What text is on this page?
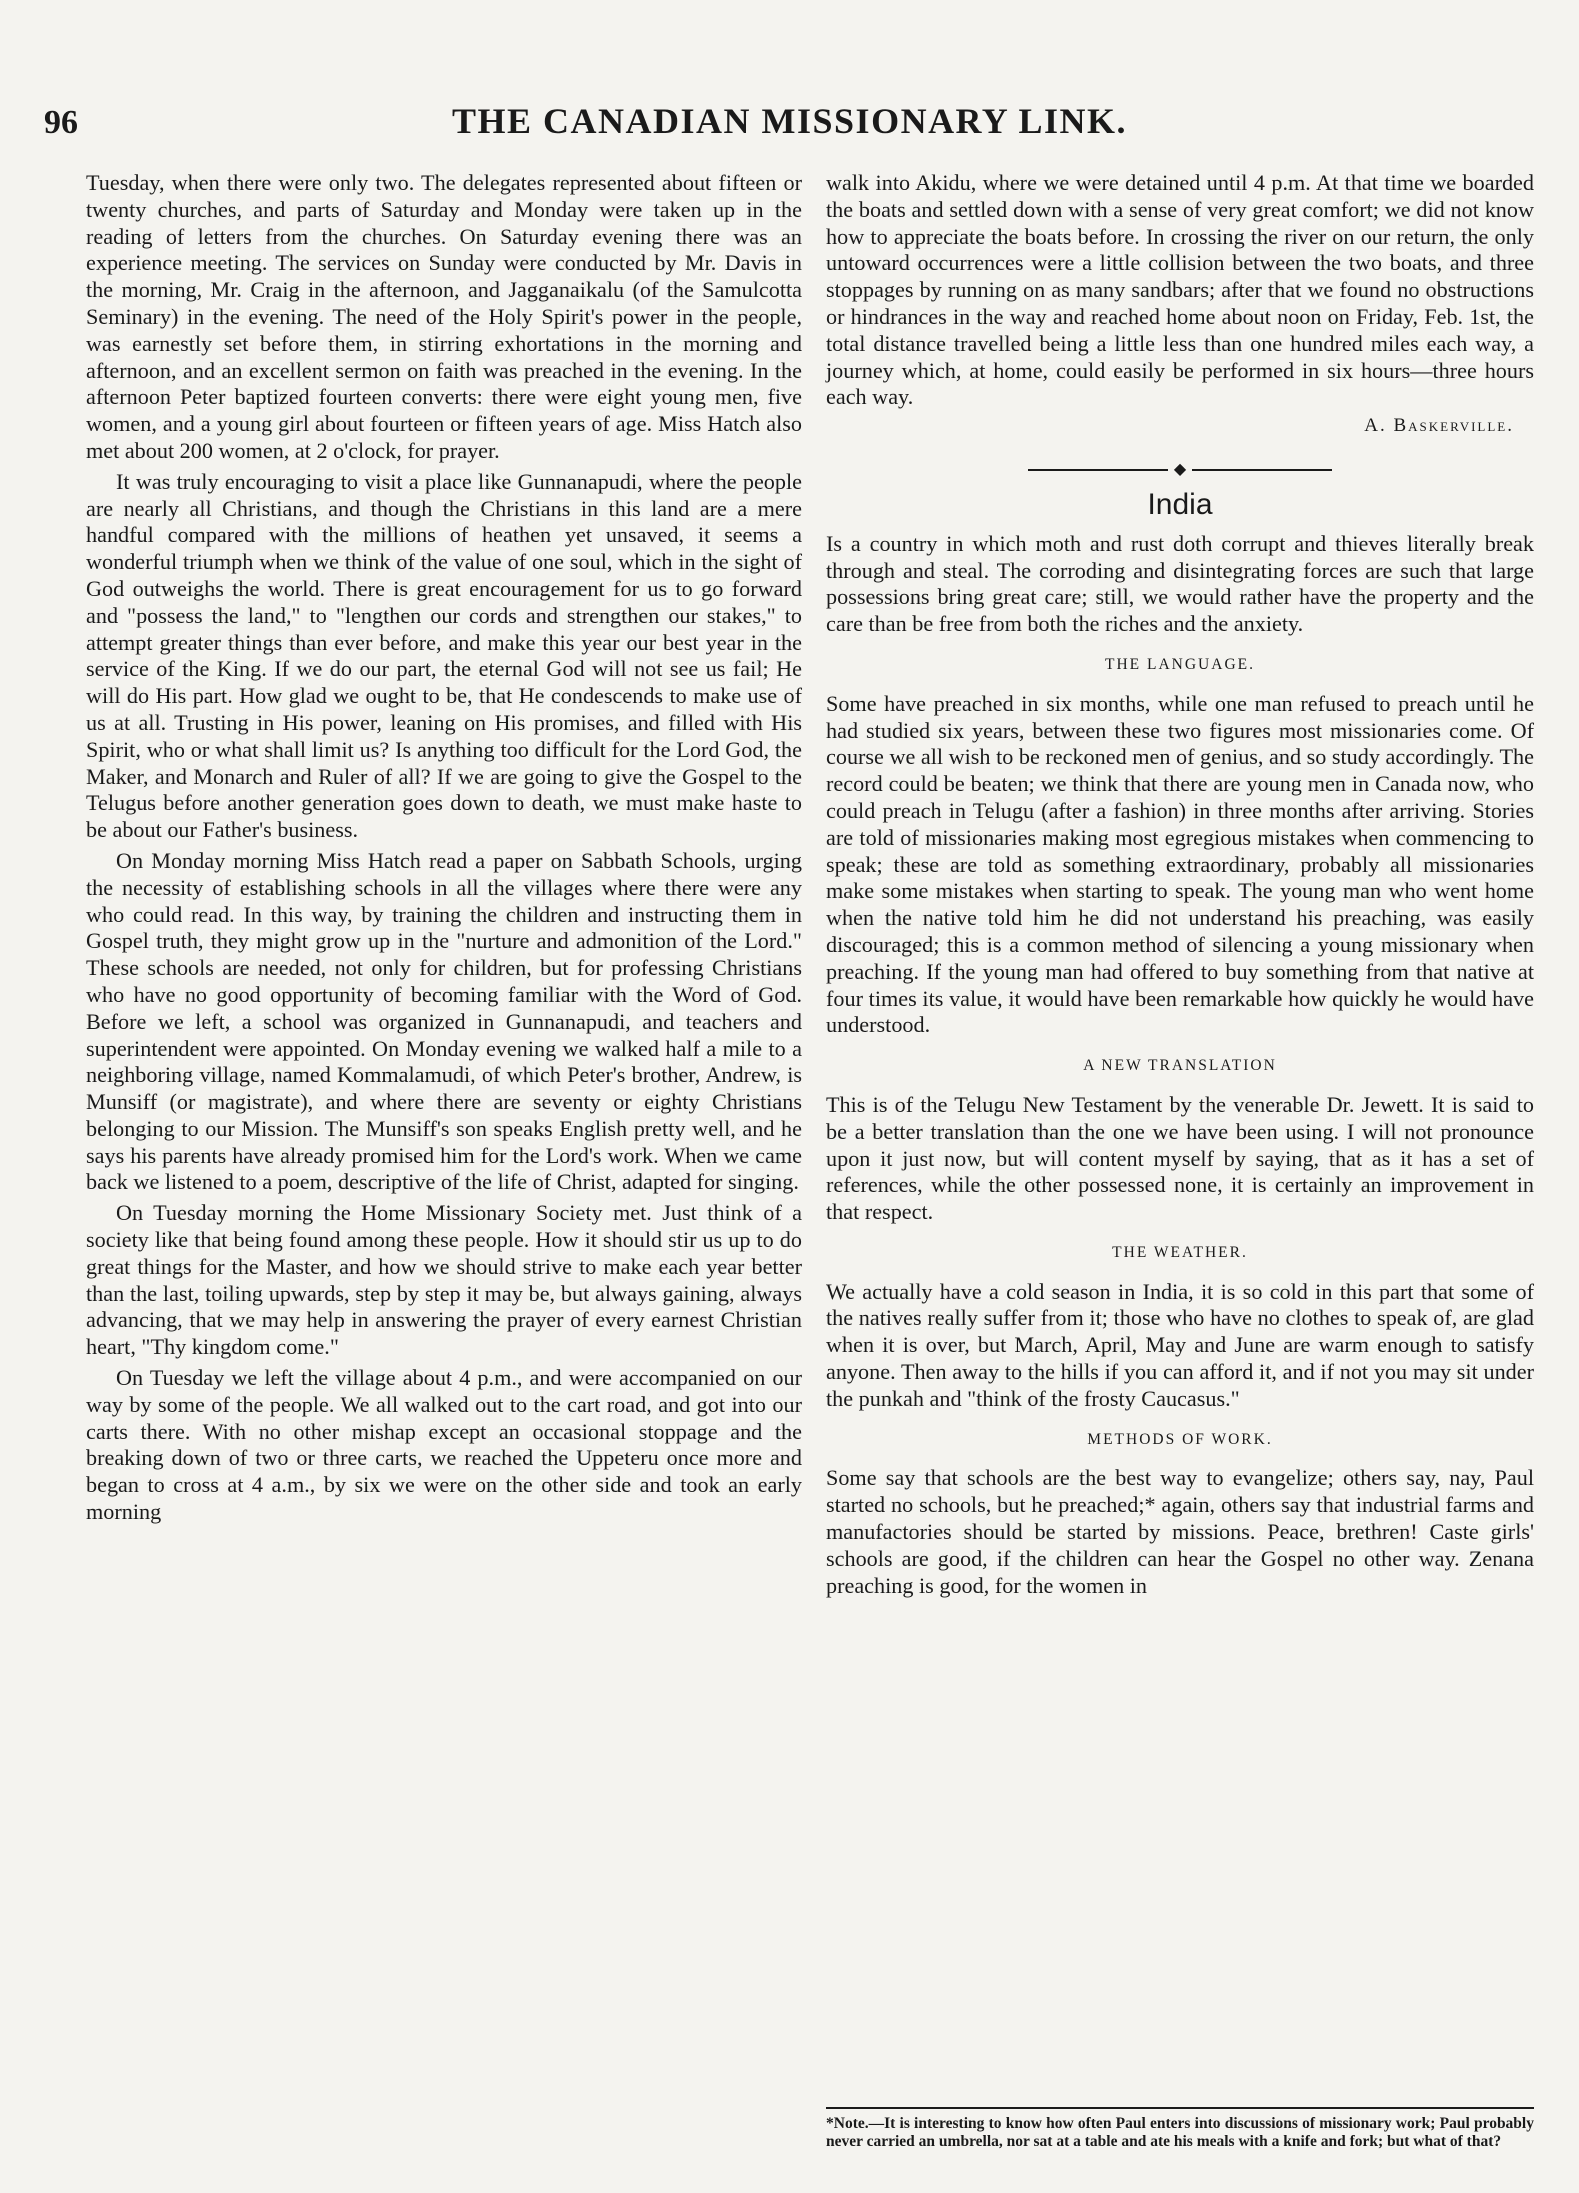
96	THE CANADIAN MISSIONARY LINK.

Tuesday, when there were only two. The delegates represented about fifteen or twenty churches, and parts of Saturday and Monday were taken up in the reading of letters from the churches. On Saturday evening there was an experience meeting. The services on Sunday were conducted by Mr. Davis in the morning, Mr. Craig in the afternoon, and Jagganaikalu (of the Samulcotta Seminary) in the evening. The need of the Holy Spirit's power in the people, was earnestly set before them, in stirring exhortations in the morning and afternoon, and an excellent sermon on faith was preached in the evening. In the afternoon Peter baptized fourteen converts: there were eight young men, five women, and a young girl about fourteen or fifteen years of age. Miss Hatch also met about 200 women, at 2 o'clock, for prayer.

It was truly encouraging to visit a place like Gunnanapudi, where the people are nearly all Christians, and though the Christians in this land are a mere handful compared with the millions of heathen yet unsaved, it seems a wonderful triumph when we think of the value of one soul, which in the sight of God outweighs the world. There is great encouragement for us to go forward and "possess the land," to "lengthen our cords and strengthen our stakes," to attempt greater things than ever before, and make this year our best year in the service of the King. If we do our part, the eternal God will not see us fail; He will do His part. How glad we ought to be, that He condescends to make use of us at all. Trusting in His power, leaning on His promises, and filled with His Spirit, who or what shall limit us? Is anything too difficult for the Lord God, the Maker, and Monarch and Ruler of all? If we are going to give the Gospel to the Telugus before another generation goes down to death, we must make haste to be about our Father's business.

On Monday morning Miss Hatch read a paper on Sabbath Schools, urging the necessity of establishing schools in all the villages where there were any who could read. In this way, by training the children and instructing them in Gospel truth, they might grow up in the "nurture and admonition of the Lord." These schools are needed, not only for children, but for professing Christians who have no good opportunity of becoming familiar with the Word of God. Before we left, a school was organized in Gunnanapudi, and teachers and superintendent were appointed. On Monday evening we walked half a mile to a neighboring village, named Kommalamudi, of which Peter's brother, Andrew, is Munsiff (or magistrate), and where there are seventy or eighty Christians belonging to our Mission. The Munsiff's son speaks English pretty well, and he says his parents have already promised him for the Lord's work. When we came back we listened to a poem, descriptive of the life of Christ, adapted for singing.

On Tuesday morning the Home Missionary Society met. Just think of a society like that being found among these people. How it should stir us up to do great things for the Master, and how we should strive to make each year better than the last, toiling upwards, step by step it may be, but always gaining, always advancing, that we may help in answering the prayer of every earnest Christian heart, "Thy kingdom come."

On Tuesday we left the village about 4 p.m., and were accompanied on our way by some of the people. We all walked out to the cart road, and got into our carts there. With no other mishap except an occasional stoppage and the breaking down of two or three carts, we reached the Uppeteru once more and began to cross at 4 a.m., by six we were on the other side and took an early morning

walk into Akidu, where we were detained until 4 p.m. At that time we boarded the boats and settled down with a sense of very great comfort; we did not know how to appreciate the boats before. In crossing the river on our return, the only untoward occurrences were a little collision between the two boats, and three stoppages by running on as many sandbars; after that we found no obstructions or hindrances in the way and reached home about noon on Friday, Feb. 1st, the total distance travelled being a little less than one hundred miles each way, a journey which, at home, could easily be performed in six hours—three hours each way.

A. Baskerville.
◆
India

Is a country in which moth and rust doth corrupt and thieves literally break through and steal. The corroding and disintegrating forces are such that large possessions bring great care; still, we would rather have the property and the care than be free from both the riches and the anxiety.

THE LANGUAGE.

Some have preached in six months, while one man refused to preach until he had studied six years, between these two figures most missionaries come. Of course we all wish to be reckoned men of genius, and so study accordingly. The record could be beaten; we think that there are young men in Canada now, who could preach in Telugu (after a fashion) in three months after arriving. Stories are told of missionaries making most egregious mistakes when commencing to speak; these are told as something extraordinary, probably all missionaries make some mistakes when starting to speak. The young man who went home when the native told him he did not understand his preaching, was easily discouraged; this is a common method of silencing a young missionary when preaching. If the young man had offered to buy something from that native at four times its value, it would have been remarkable how quickly he would have understood.

A NEW TRANSLATION

This is of the Telugu New Testament by the venerable Dr. Jewett. It is said to be a better translation than the one we have been using. I will not pronounce upon it just now, but will content myself by saying, that as it has a set of references, while the other possessed none, it is certainly an improvement in that respect.

THE WEATHER.

We actually have a cold season in India, it is so cold in this part that some of the natives really suffer from it; those who have no clothes to speak of, are glad when it is over, but March, April, May and June are warm enough to satisfy anyone. Then away to the hills if you can afford it, and if not you may sit under the punkah and "think of the frosty Caucasus."

METHODS OF WORK.

Some say that schools are the best way to evangelize; others say, nay, Paul started no schools, but he preached;* again, others say that industrial farms and manufactories should be started by missions. Peace, brethren! Caste girls' schools are good, if the children can hear the Gospel no other way. Zenana preaching is good, for the women in

*Note.—It is interesting to know how often Paul enters into discussions of missionary work; Paul probably never carried an umbrella, nor sat at a table and ate his meals with a knife and fork; but what of that?
